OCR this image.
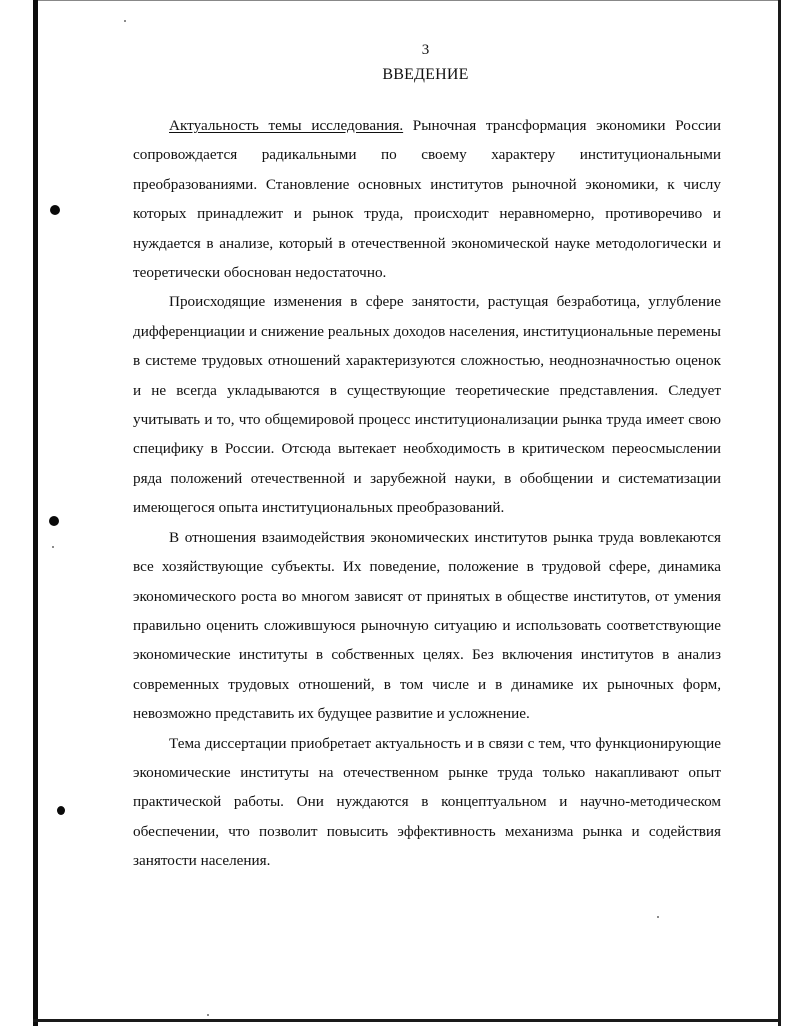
3
ВВЕДЕНИЕ

Актуальность темы исследования. Рыночная трансформация экономики России сопровождается радикальными по своему характеру институциональными преобразованиями. Становление основных институтов рыночной экономики, к числу которых принадлежит и рынок труда, происходит неравномерно, противоречиво и нуждается в анализе, который в отечественной экономической науке методологически и теоретически обоснован недостаточно.

Происходящие изменения в сфере занятости, растущая безработица, углубление дифференциации и снижение реальных доходов населения, институциональные перемены в системе трудовых отношений характеризуются сложностью, неоднозначностью оценок и не всегда укладываются в существующие теоретические представления. Следует учитывать и то, что общемировой процесс институционализации рынка труда имеет свою специфику в России. Отсюда вытекает необходимость в критическом переосмыслении ряда положений отечественной и зарубежной науки, в обобщении и систематизации имеющегося опыта институциональных преобразований.

В отношения взаимодействия экономических институтов рынка труда вовлекаются все хозяйствующие субъекты. Их поведение, положение в трудовой сфере, динамика экономического роста во многом зависят от принятых в обществе институтов, от умения правильно оценить сложившуюся рыночную ситуацию и использовать соответствующие экономические институты в собственных целях. Без включения институтов в анализ современных трудовых отношений, в том числе и в динамике их рыночных форм, невозможно представить их будущее развитие и усложнение.

Тема диссертации приобретает актуальность и в связи с тем, что функционирующие экономические институты на отечественном рынке труда только накапливают опыт практической работы. Они нуждаются в концептуальном и научно-методическом обеспечении, что позволит повысить эффективность механизма рынка и содействия занятости населения.
